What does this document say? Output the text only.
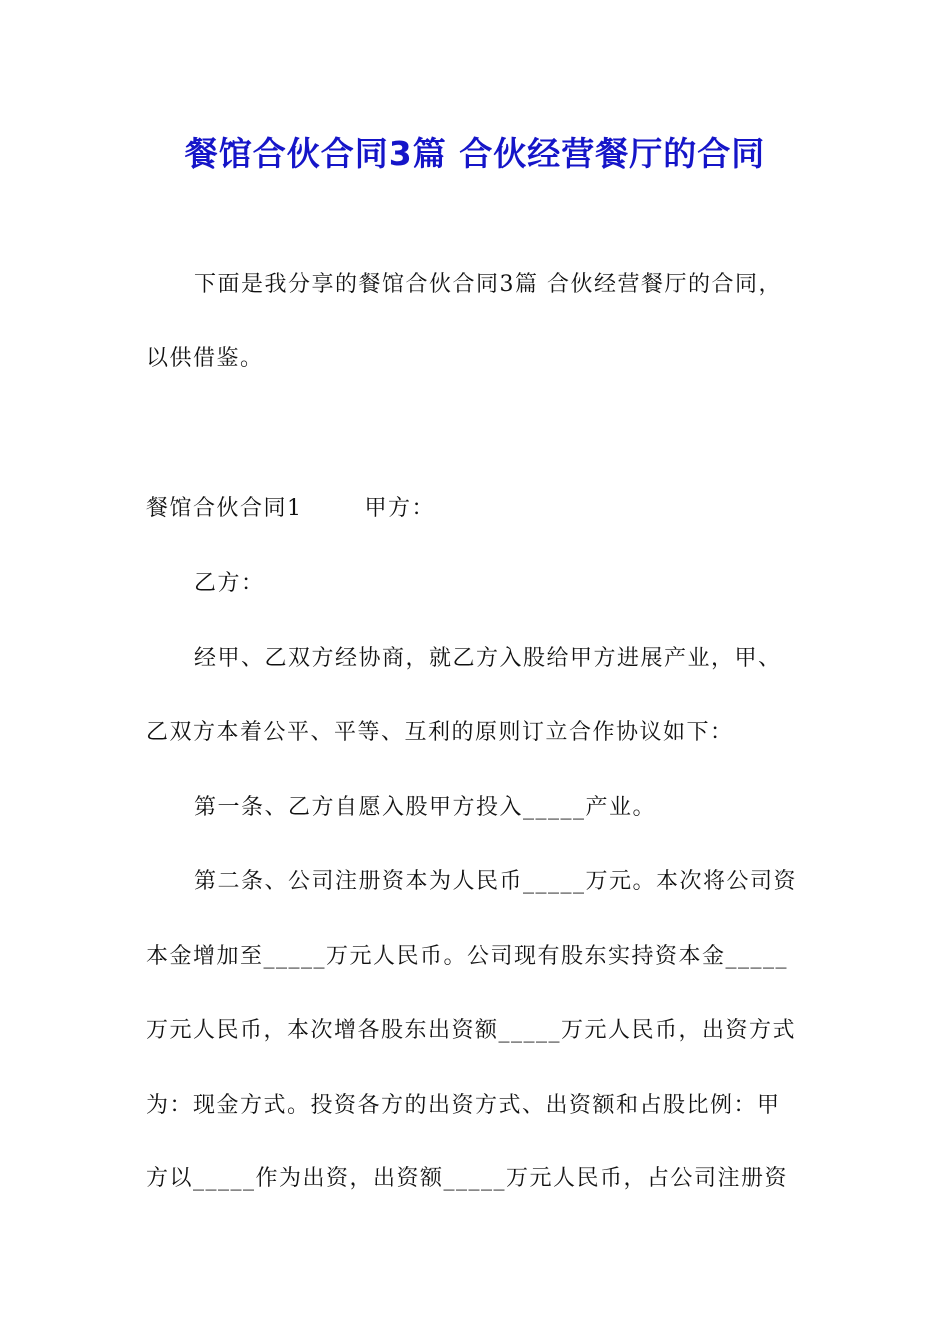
餐馆合伙合同3篇 合伙经营餐厅的合同

下面是我分享的餐馆合伙合同3篇 合伙经营餐厅的合同，

以供借鉴。

餐馆合伙合同1	甲方：

乙方：

经甲、乙双方经协商，就乙方入股给甲方进展产业，甲、

乙双方本着公平、平等、互利的原则订立合作协议如下：

第一条、乙方自愿入股甲方投入_____产业。

第二条、公司注册资本为人民币_____万元。本次将公司资

本金增加至_____万元人民币。公司现有股东实持资本金_____

万元人民币，本次增各股东出资额_____万元人民币，出资方式

为：现金方式。投资各方的出资方式、出资额和占股比例：甲

方以_____作为出资，出资额_____万元人民币，占公司注册资
